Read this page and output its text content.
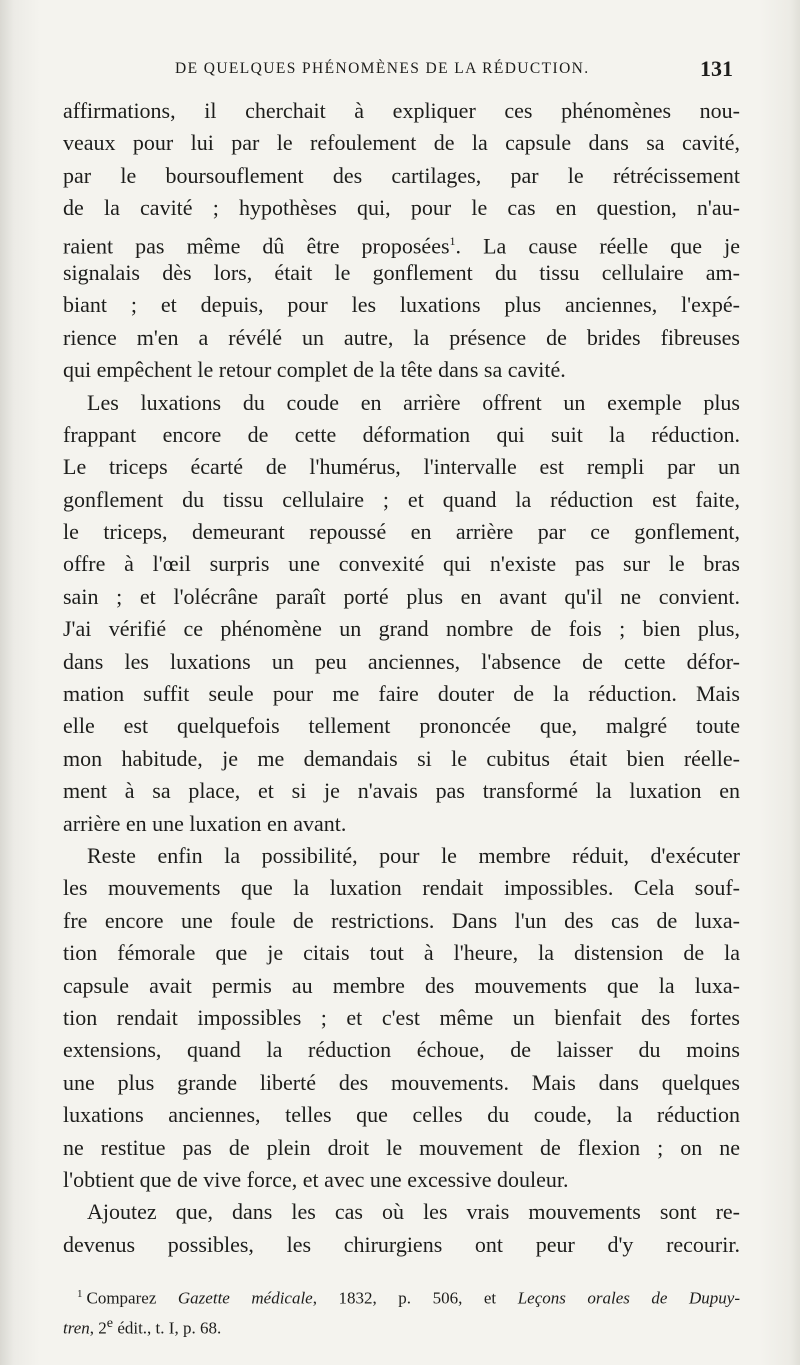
DE QUELQUES PHÉNOMÈNES DE LA RÉDUCTION.	131
affirmations, il cherchait à expliquer ces phénomènes nou-
veaux pour lui par le refoulement de la capsule dans sa cavité,
par le boursouflement des cartilages, par le rétrécissement
de la cavité ; hypothèses qui, pour le cas en question, n'au-
raient pas même dû être proposées$^1$. La cause réelle que je
signalais dès lors, était le gonflement du tissu cellulaire am-
biant ; et depuis, pour les luxations plus anciennes, l'expé-
rience m'en a révélé un autre, la présence de brides fibreuses
qui empêchent le retour complet de la tête dans sa cavité.
Les luxations du coude en arrière offrent un exemple plus
frappant encore de cette déformation qui suit la réduction.
Le triceps écarté de l'humérus, l'intervalle est rempli par un
gonflement du tissu cellulaire ; et quand la réduction est faite,
le triceps, demeurant repoussé en arrière par ce gonflement,
offre à l'œil surpris une convexité qui n'existe pas sur le bras
sain ; et l'olécrâne paraît porté plus en avant qu'il ne convient.
J'ai vérifié ce phénomène un grand nombre de fois ; bien plus,
dans les luxations un peu anciennes, l'absence de cette défor-
mation suffit seule pour me faire douter de la réduction. Mais
elle est quelquefois tellement prononcée que, malgré toute
mon habitude, je me demandais si le cubitus était bien réelle-
ment à sa place, et si je n'avais pas transformé la luxation en
arrière en une luxation en avant.
Reste enfin la possibilité, pour le membre réduit, d'exécuter
les mouvements que la luxation rendait impossibles. Cela souf-
fre encore une foule de restrictions. Dans l'un des cas de luxa-
tion fémorale que je citais tout à l'heure, la distension de la
capsule avait permis au membre des mouvements que la luxa-
tion rendait impossibles ; et c'est même un bienfait des fortes
extensions, quand la réduction échoue, de laisser du moins
une plus grande liberté des mouvements. Mais dans quelques
luxations anciennes, telles que celles du coude, la réduction
ne restitue pas de plein droit le mouvement de flexion ; on ne
l'obtient que de vive force, et avec une excessive douleur.
Ajoutez que, dans les cas où les vrais mouvements sont re-
devenus possibles, les chirurgiens ont peur d'y recourir.
$^1$ Comparez Gazette médicale, 1832, p. 506, et Leçons orales de Dupuy-
tren, 2e édit., t. I, p. 68.
